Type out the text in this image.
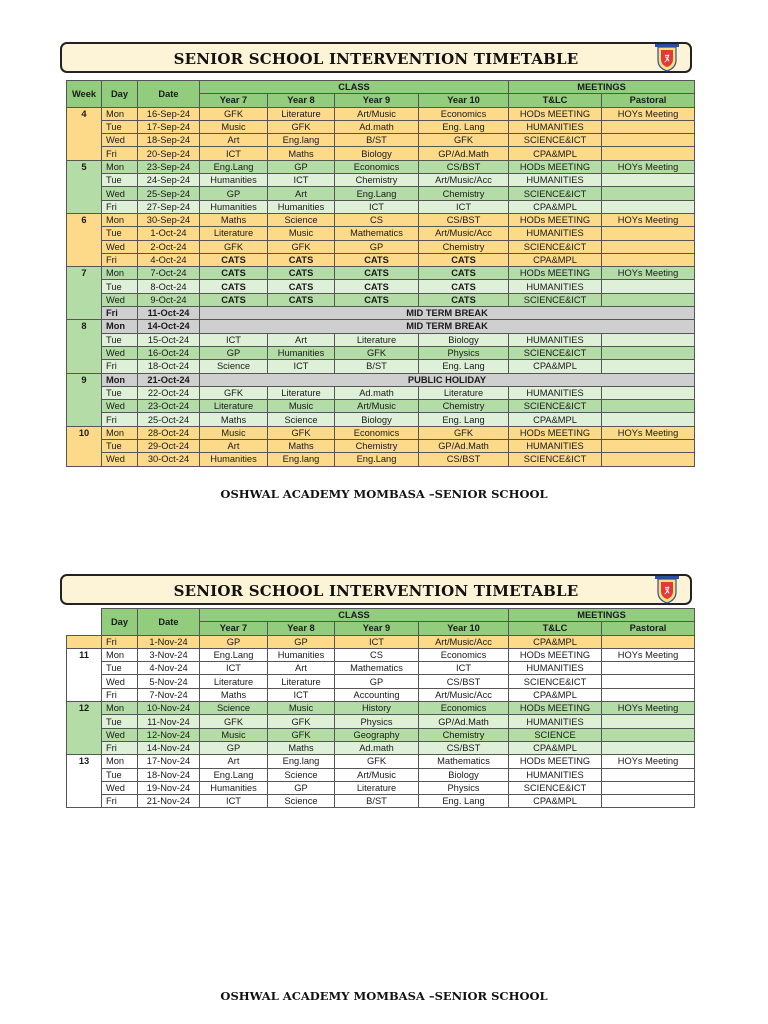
SENIOR SCHOOL INTERVENTION TIMETABLE	ﾇ
Week	Day	Date	CLASS				MEETINGS	
			Year 7	Year 8	Year 9	Year 10	T&LC	Pastoral
4	Mon	16-Sep-24	GFK	Literature	Art/Music	Economics	HODs MEETING	HOYs Meeting
	Tue	17-Sep-24	Music	GFK	Ad.math	Eng. Lang	HUMANITIES	
	Wed	18-Sep-24	Art	Eng.lang	B/ST	GFK	SCIENCE&ICT	
	Fri	20-Sep-24	ICT	Maths	Biology	GP/Ad.Math	CPA&MPL	
5	Mon	23-Sep-24	Eng.Lang	GP	Economics	CS/BST	HODs MEETING	HOYs Meeting
	Tue	24-Sep-24	Humanities	ICT	Chemistry	Art/Music/Acc	HUMANITIES	
	Wed	25-Sep-24	GP	Art	Eng.Lang	Chemistry	SCIENCE&ICT	
	Fri	27-Sep-24	Humanities	Humanities	ICT	ICT	CPA&MPL	
6	Mon	30-Sep-24	Maths	Science	CS	CS/BST	HODs MEETING	HOYs Meeting
	Tue	1-Oct-24	Literature	Music	Mathematics	Art/Music/Acc	HUMANITIES	
	Wed	2-Oct-24	GFK	GFK	GP	Chemistry	SCIENCE&ICT	
	Fri	4-Oct-24	CATS	CATS	CATS	CATS	CPA&MPL	
7	Mon	7-Oct-24	CATS	CATS	CATS	CATS	HODs MEETING	HOYs Meeting
	Tue	8-Oct-24	CATS	CATS	CATS	CATS	HUMANITIES	
	Wed	9-Oct-24	CATS	CATS	CATS	CATS	SCIENCE&ICT	
	Fri	11-Oct-24	MID TERM BREAK					
8	Mon	14-Oct-24	MID TERM BREAK					
	Tue	15-Oct-24	ICT	Art	Literature	Biology	HUMANITIES	
	Wed	16-Oct-24	GP	Humanities	GFK	Physics	SCIENCE&ICT	
	Fri	18-Oct-24	Science	ICT	B/ST	Eng. Lang	CPA&MPL	
9	Mon	21-Oct-24	PUBLIC HOLIDAY					
	Tue	22-Oct-24	GFK	Literature	Ad.math	Literature	HUMANITIES	
	Wed	23-Oct-24	Literature	Music	Art/Music	Chemistry	SCIENCE&ICT	
	Fri	25-Oct-24	Maths	Science	Biology	Eng. Lang	CPA&MPL	
10	Mon	28-Oct-24	Music	GFK	Economics	GFK	HODs MEETING	HOYs Meeting
	Tue	29-Oct-24	Art	Maths	Chemistry	GP/Ad.Math	HUMANITIES	
	Wed	30-Oct-24	Humanities	Eng.lang	Eng.Lang	CS/BST	SCIENCE&ICT	
OSHWAL ACADEMY MOMBASA –SENIOR SCHOOL
SENIOR SCHOOL INTERVENTION TIMETABLE	ﾇ
	Day	Date	CLASS				MEETINGS	
			Year 7	Year 8	Year 9	Year 10	T&LC	Pastoral
	Fri	1-Nov-24	GP	GP	ICT	Art/Music/Acc	CPA&MPL	
11	Mon	3-Nov-24	Eng.Lang	Humanities	CS	Economics	HODs MEETING	HOYs Meeting
	Tue	4-Nov-24	ICT	Art	Mathematics	ICT	HUMANITIES	
	Wed	5-Nov-24	Literature	Literature	GP	CS/BST	SCIENCE&ICT	
	Fri	7-Nov-24	Maths	ICT	Accounting	Art/Music/Acc	CPA&MPL	
12	Mon	10-Nov-24	Science	Music	History	Economics	HODs MEETING	HOYs Meeting
	Tue	11-Nov-24	GFK	GFK	Physics	GP/Ad.Math	HUMANITIES	
	Wed	12-Nov-24	Music	GFK	Geography	Chemistry	SCIENCE	
	Fri	14-Nov-24	GP	Maths	Ad.math	CS/BST	CPA&MPL	
13	Mon	17-Nov-24	Art	Eng.lang	GFK	Mathematics	HODs MEETING	HOYs Meeting
	Tue	18-Nov-24	Eng.Lang	Science	Art/Music	Biology	HUMANITIES	
	Wed	19-Nov-24	Humanities	GP	Literature	Physics	SCIENCE&ICT	
	Fri	21-Nov-24	ICT	Science	B/ST	Eng. Lang	CPA&MPL	
OSHWAL ACADEMY MOMBASA –SENIOR SCHOOL
